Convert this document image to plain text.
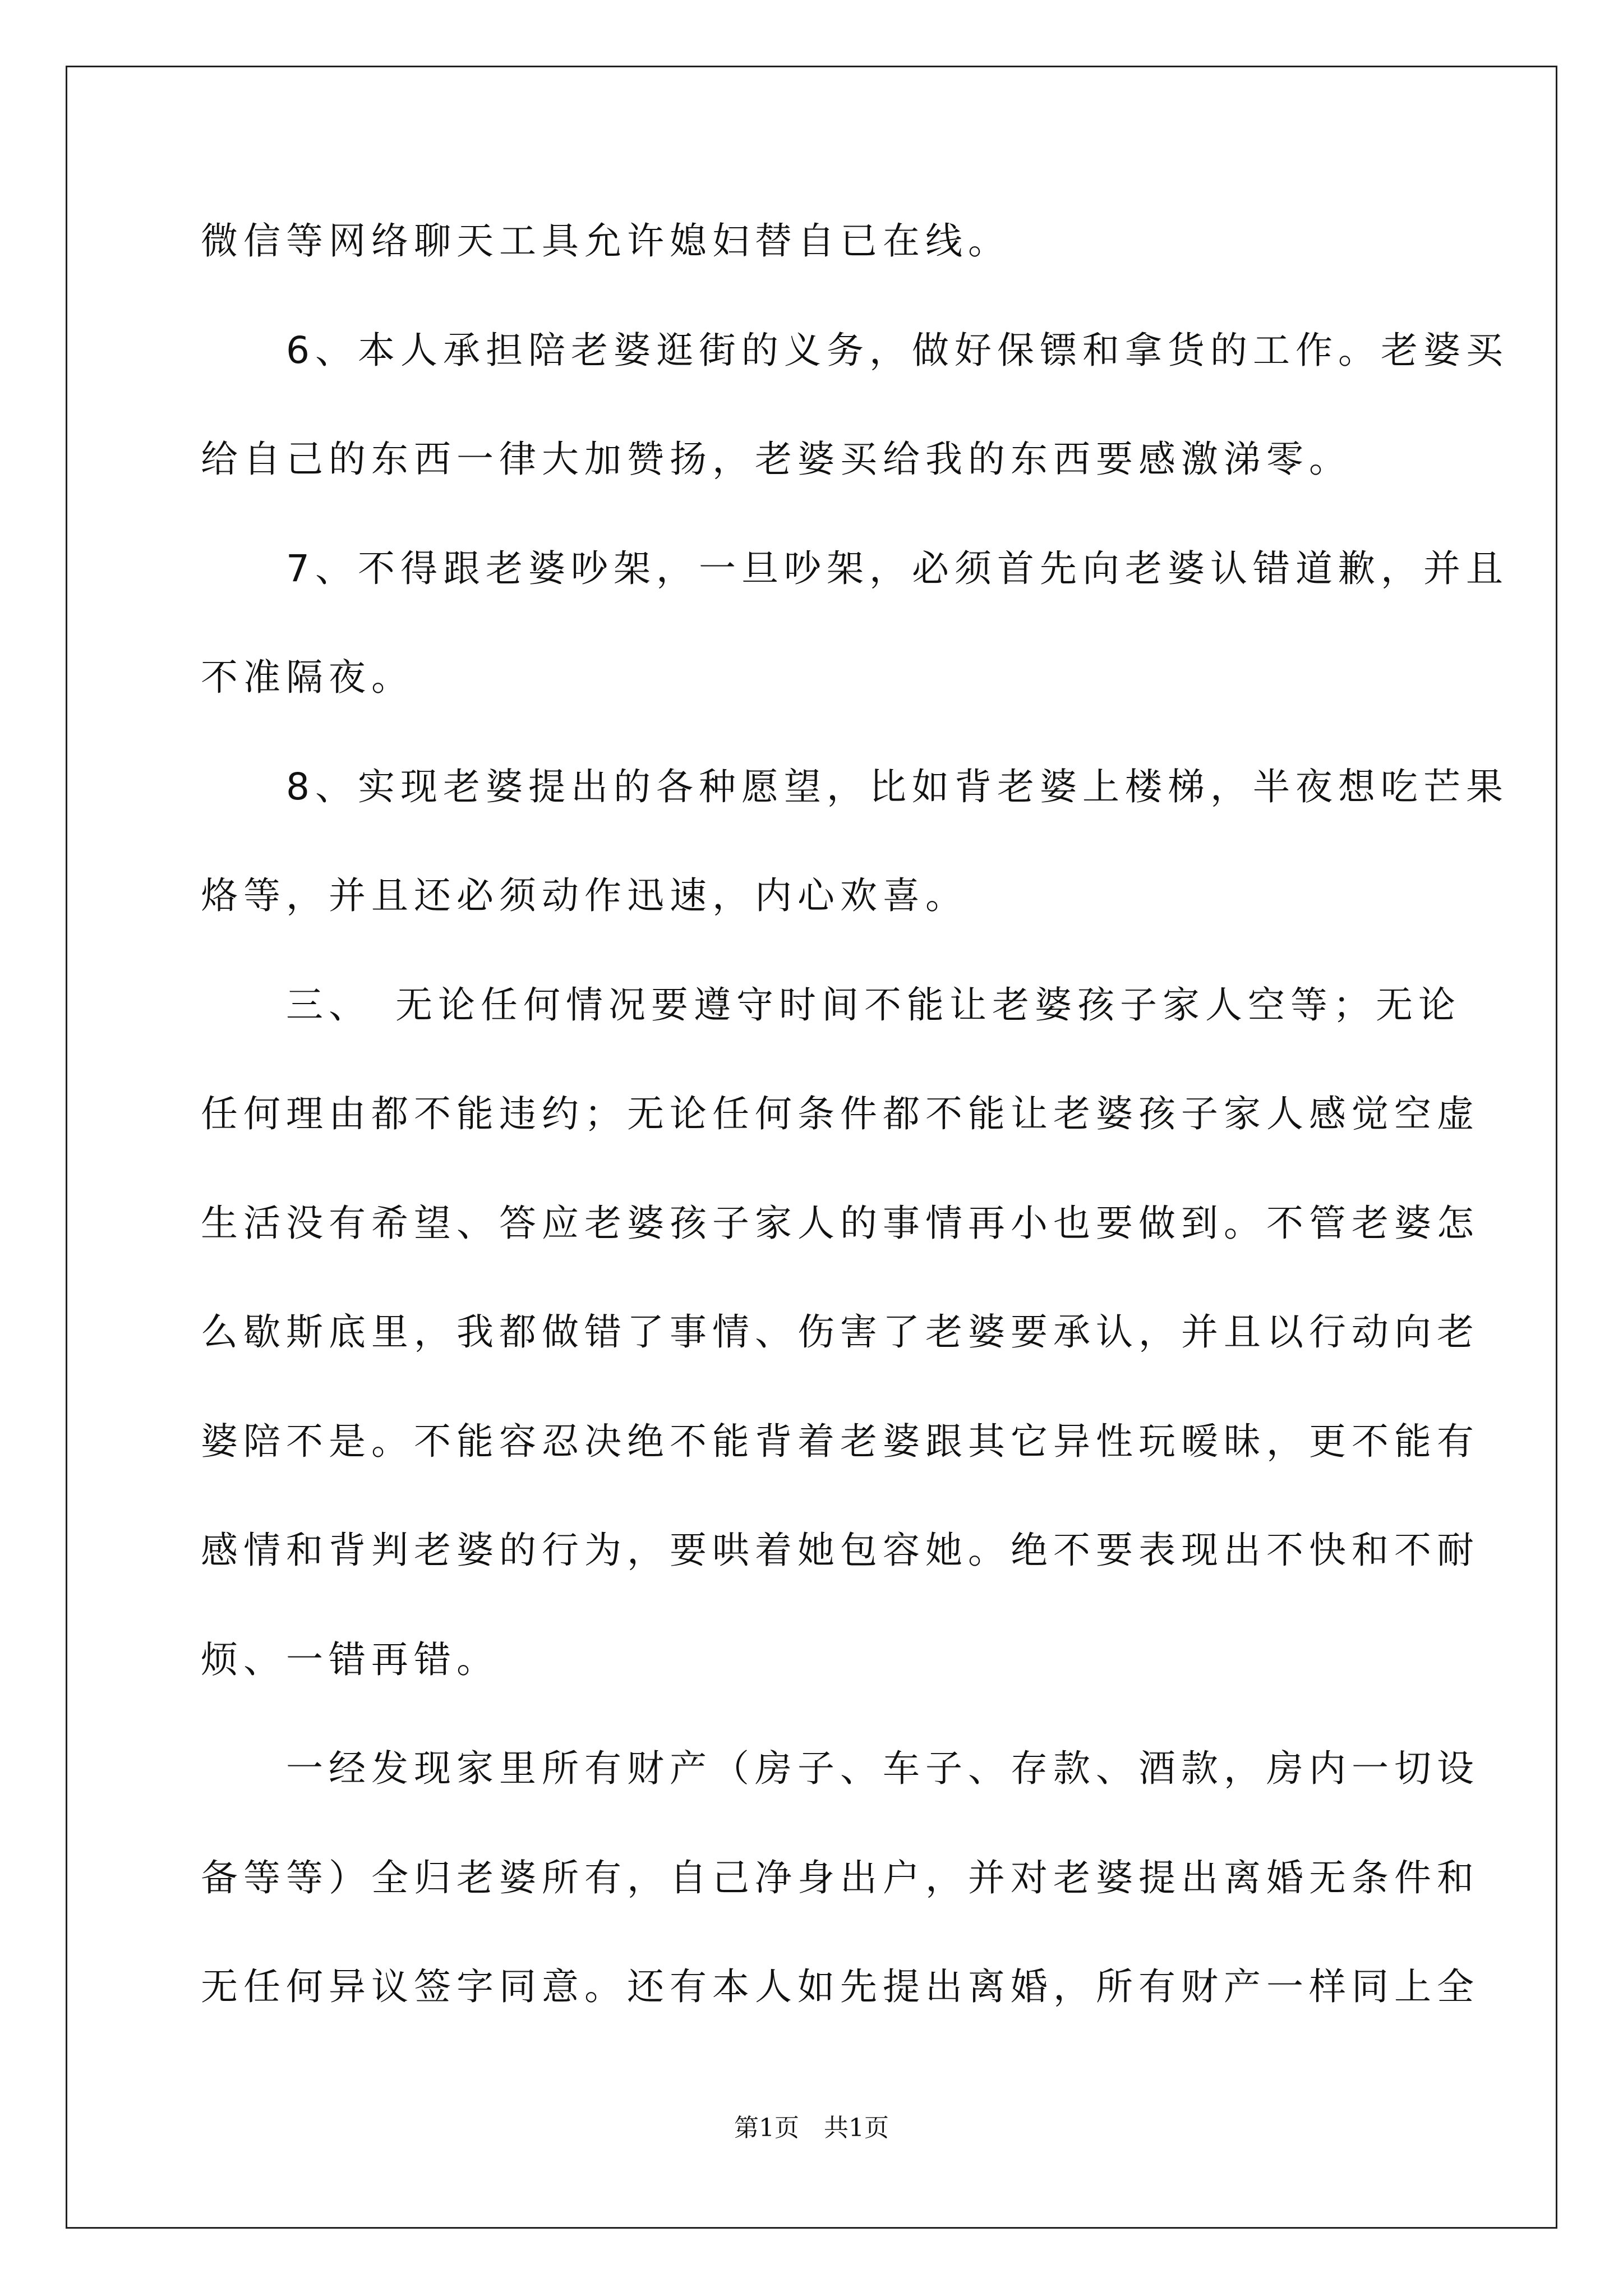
微信等网络聊天工具允许媳妇替自已在线。
　　6、本人承担陪老婆逛街的义务，做好保镖和拿货的工作。老婆买
给自己的东西一律大加赞扬，老婆买给我的东西要感激涕零。
　　7、不得跟老婆吵架，一旦吵架，必须首先向老婆认错道歉，并且
不准隔夜。
　　8、实现老婆提出的各种愿望，比如背老婆上楼梯，半夜想吃芒果
烙等，并且还必须动作迅速，内心欢喜。
　　三、　无论任何情况要遵守时间不能让老婆孩子家人空等；无论
任何理由都不能违约；无论任何条件都不能让老婆孩子家人感觉空虚
生活没有希望、答应老婆孩子家人的事情再小也要做到。不管老婆怎
么歇斯底里，我都做错了事情、伤害了老婆要承认，并且以行动向老
婆陪不是。不能容忍决绝不能背着老婆跟其它异性玩暧昧，更不能有
感情和背判老婆的行为，要哄着她包容她。绝不要表现出不快和不耐
烦、一错再错。
　　一经发现家里所有财产（房子、车子、存款、酒款，房内一切设
备等等）全归老婆所有，自己净身出户，并对老婆提出离婚无条件和
无任何异议签字同意。还有本人如先提出离婚，所有财产一样同上全
第1页　共1页
